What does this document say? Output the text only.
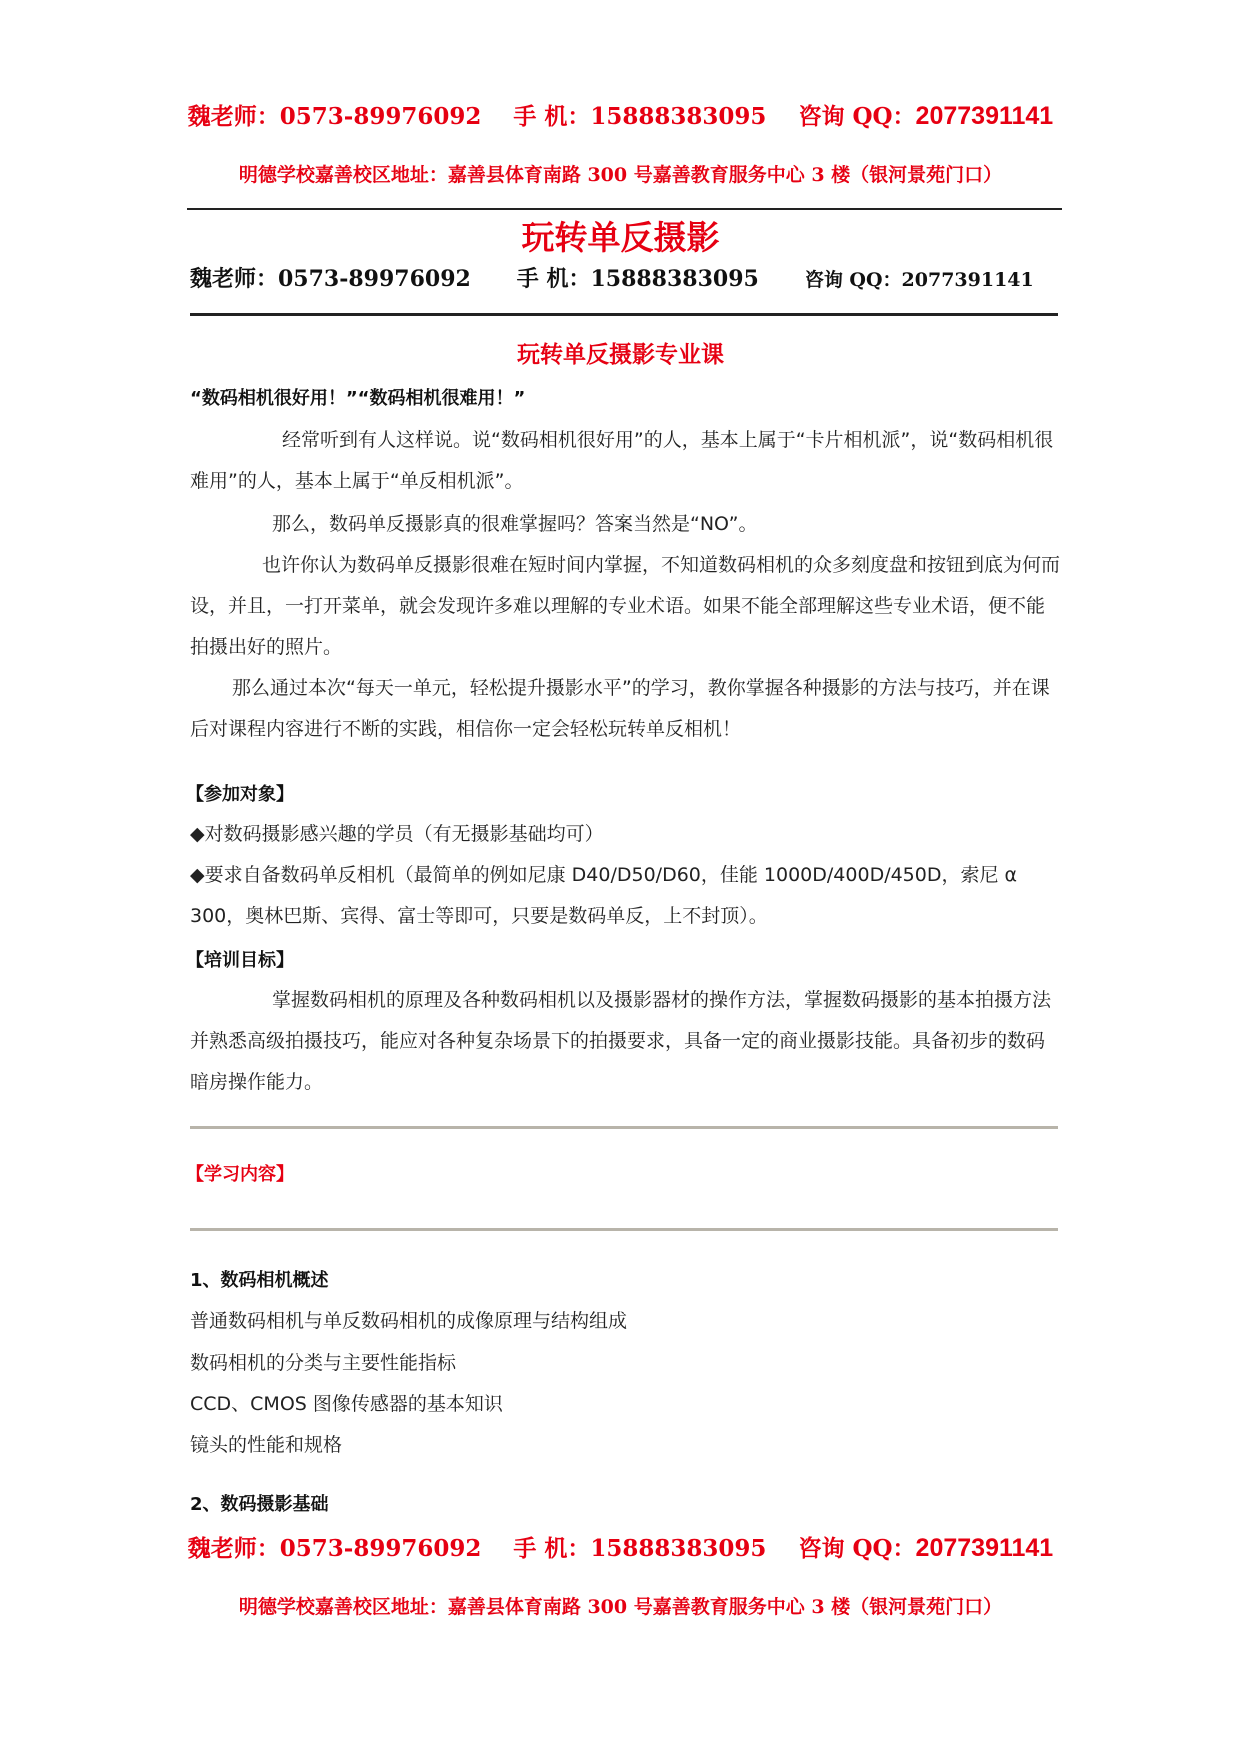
魏老师：0573-89976092 手 机：15888383095 咨询 QQ：2077391141
明德学校嘉善校区地址：嘉善县体育南路 300 号嘉善教育服务中心 3 楼（银河景苑门口）
玩转单反摄影
魏老师：0573-89976092 手 机：15888383095 咨询 QQ：2077391141
玩转单反摄影专业课
“数码相机很好用！”“数码相机很难用！”
经常听到有人这样说。说“数码相机很好用”的人，基本上属于“卡片相机派”，说“数码相机很难用”的人，基本上属于“单反相机派”。
那么，数码单反摄影真的很难掌握吗？答案当然是“NO”。
也许你认为数码单反摄影很难在短时间内掌握，不知道数码相机的众多刻度盘和按钮到底为何而设，并且，一打开菜单，就会发现许多难以理解的专业术语。如果不能全部理解这些专业术语，便不能拍摄出好的照片。
那么通过本次“每天一单元，轻松提升摄影水平”的学习，教你掌握各种摄影的方法与技巧，并在课后对课程内容进行不断的实践，相信你一定会轻松玩转单反相机！
【参加对象】
◆对数码摄影感兴趣的学员（有无摄影基础均可）
◆要求自备数码单反相机（最简单的例如尼康 D40/D50/D60，佳能 1000D/400D/450D，索尼 α 300，奥林巴斯、宾得、富士等即可，只要是数码单反，上不封顶）。
【培训目标】
掌握数码相机的原理及各种数码相机以及摄影器材的操作方法，掌握数码摄影的基本拍摄方法并熟悉高级拍摄技巧，能应对各种复杂场景下的拍摄要求，具备一定的商业摄影技能。具备初步的数码暗房操作能力。
【学习内容】
1、数码相机概述
普通数码相机与单反数码相机的成像原理与结构组成
数码相机的分类与主要性能指标
CCD、CMOS 图像传感器的基本知识
镜头的性能和规格
2、数码摄影基础
魏老师：0573-89976092 手 机：15888383095 咨询 QQ：2077391141
明德学校嘉善校区地址：嘉善县体育南路 300 号嘉善教育服务中心 3 楼（银河景苑门口）
